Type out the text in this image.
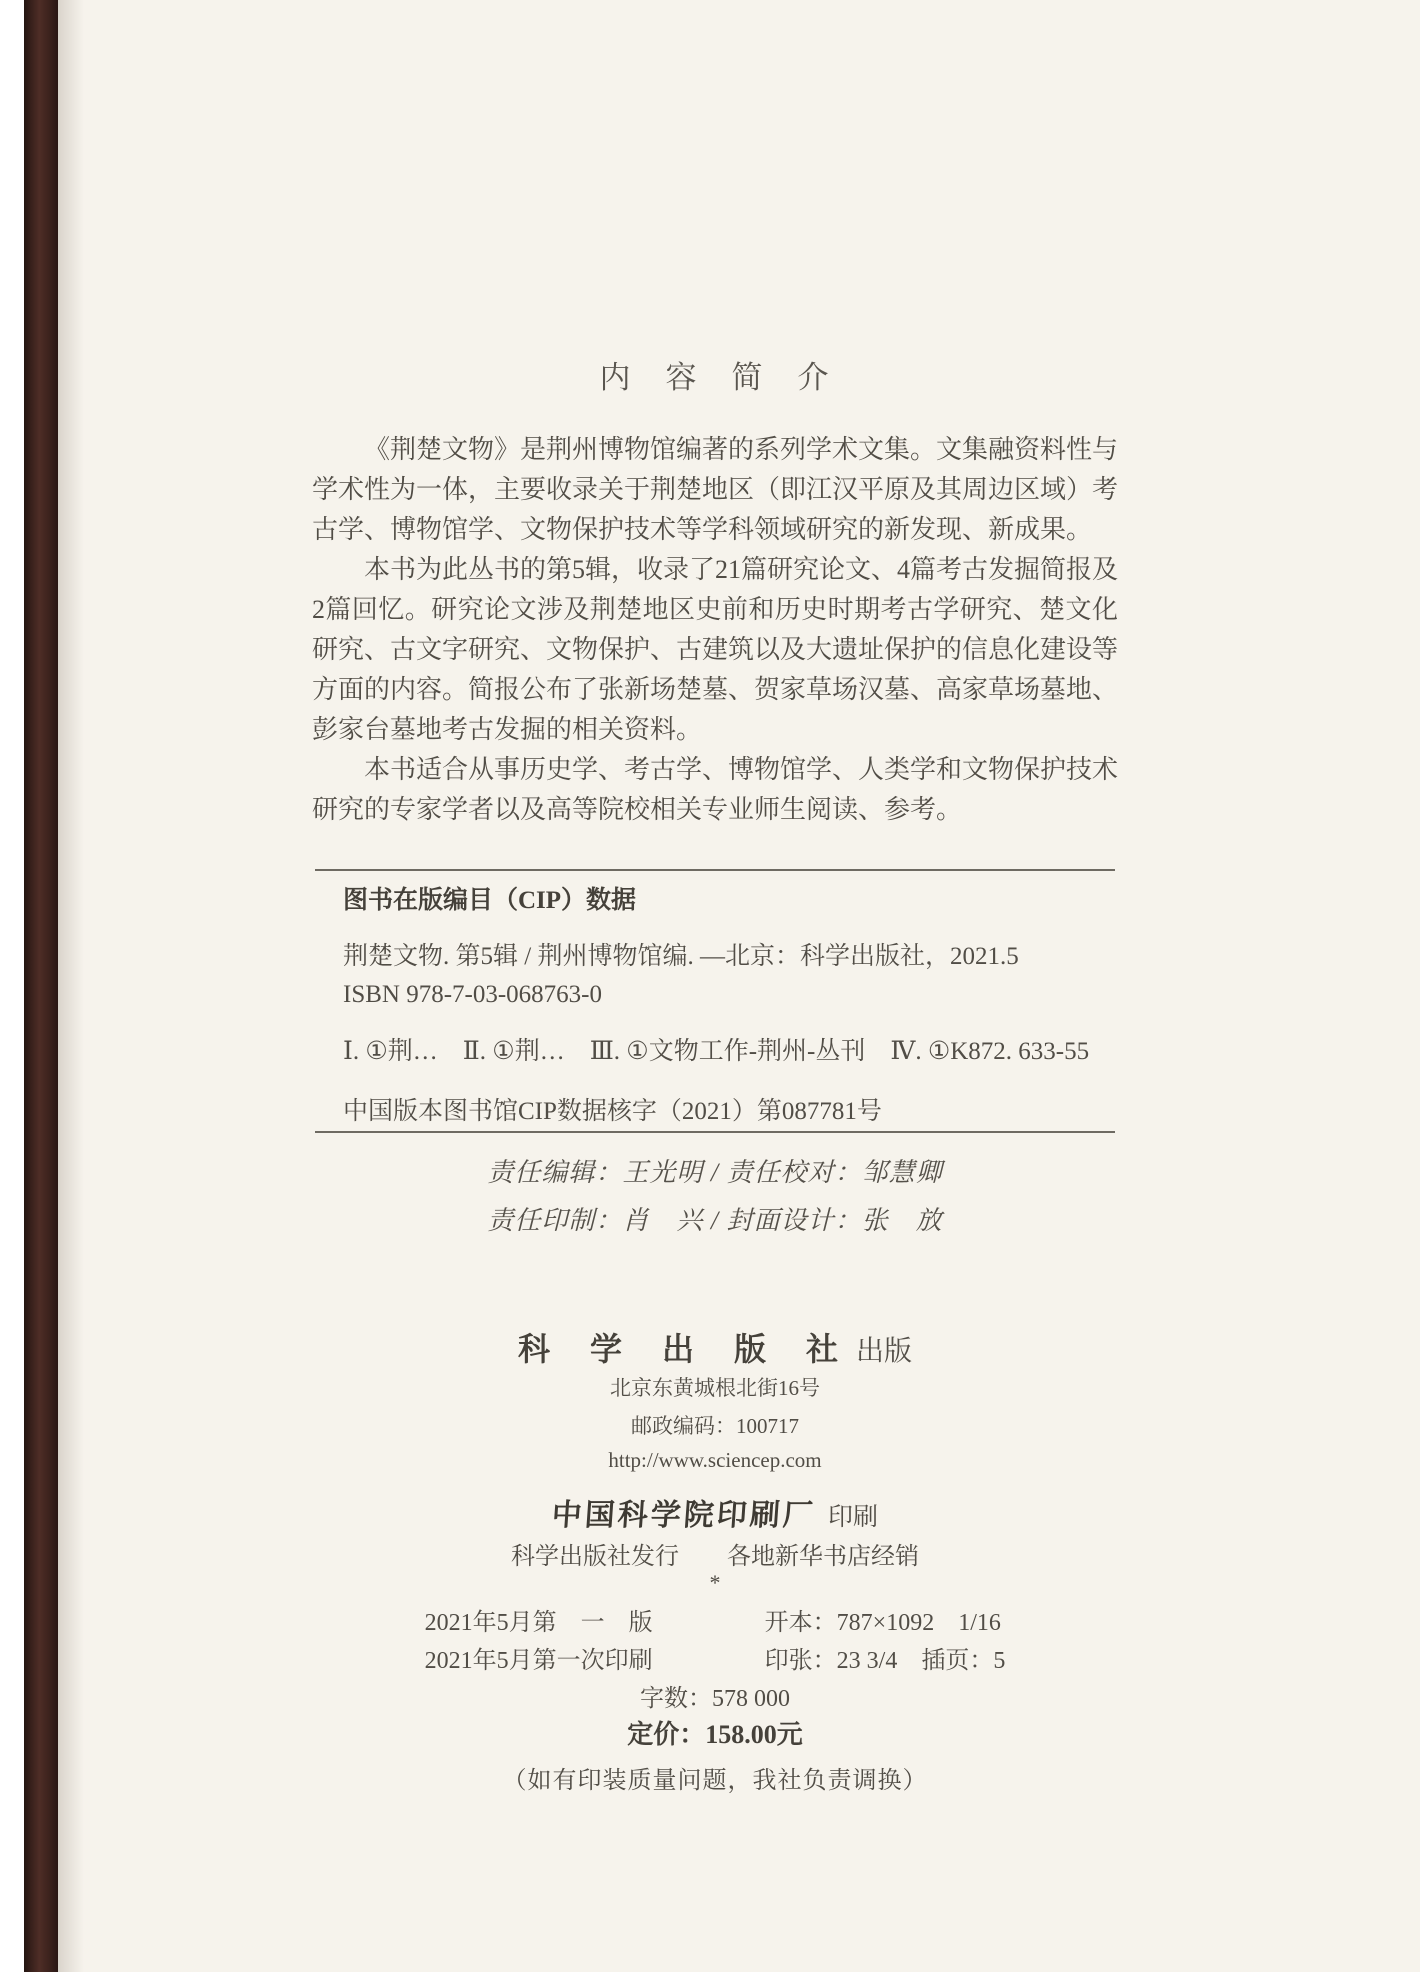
内　容　简　介

《荆楚文物》是荆州博物馆编著的系列学术文集。文集融资料性与学术性为一体，主要收录关于荆楚地区（即江汉平原及其周边区域）考古学、博物馆学、文物保护技术等学科领域研究的新发现、新成果。

本书为此丛书的第5辑，收录了21篇研究论文、4篇考古发掘简报及2篇回忆。研究论文涉及荆楚地区史前和历史时期考古学研究、楚文化研究、古文字研究、文物保护、古建筑以及大遗址保护的信息化建设等方面的内容。简报公布了张新场楚墓、贺家草场汉墓、高家草场墓地、彭家台墓地考古发掘的相关资料。

本书适合从事历史学、考古学、博物馆学、人类学和文物保护技术研究的专家学者以及高等院校相关专业师生阅读、参考。

图书在版编目（CIP）数据
荆楚文物. 第5辑 / 荆州博物馆编. —北京：科学出版社，2021.5
ISBN 978-7-03-068763-0
Ⅰ. ①荆…　Ⅱ. ①荆…　Ⅲ. ①文物工作-荆州-丛刊　Ⅳ. ①K872. 633-55
中国版本图书馆CIP数据核字（2021）第087781号
责任编辑：王光明 / 责任校对：邹慧卿
责任印制：肖　兴 / 封面设计：张　放
科　学　出　版　社 出版
北京东黄城根北街16号
邮政编码：100717
http://www.sciencep.com
中国科学院印刷厂 印刷
科学出版社发行　　各地新华书店经销
*
2021年5月第　一　版	开本：787×1092　1/16
2021年5月第一次印刷	印张：23 3/4　插页：5
字数：578 000
定价：158.00元
（如有印装质量问题，我社负责调换）
